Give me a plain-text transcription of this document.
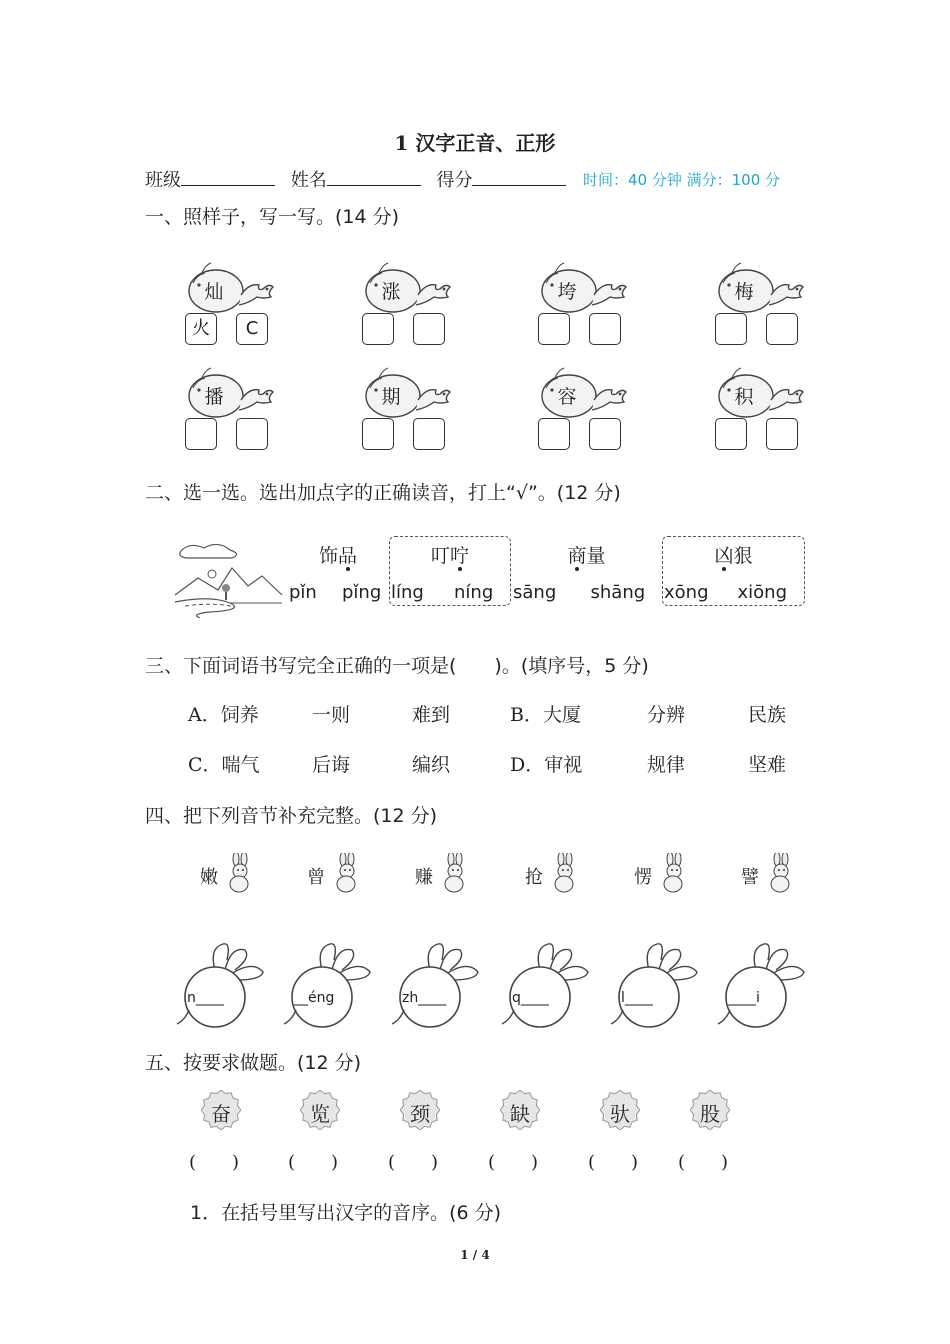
1 汉字正音、正形
班级	姓名	得分	时间：40 分钟 满分：100 分
一、照样子，写一写。(14 分)
灿
火	C
涨	垮	梅
播	期	容	积
二、选一选。选出加点字的正确读音，打上“√”。(12 分)
饰品
pǐn pǐng
叮咛
líng níng
商量
sāng shāng
凶狠
xōng xiōng
三、下面词语书写完全正确的一项是(　　)。(填序号，5 分)
A．饲养	一则	难到	B．大厦	分辨	民族
C．喘气	后诲	编织	D．审视	规律	坚难
四、把下列音节补充完整。(12 分)
嫩
n____
曾
__éng
赚
zh____
抢
q____
愣
l____
譬
____i
五、按要求做题。(12 分)
奋
(　　)
览
(　　)
颈
(　　)
缺
(　　)
驮
(　　)
股
(　　)
1．在括号里写出汉字的音序。(6 分)
1 / 4
